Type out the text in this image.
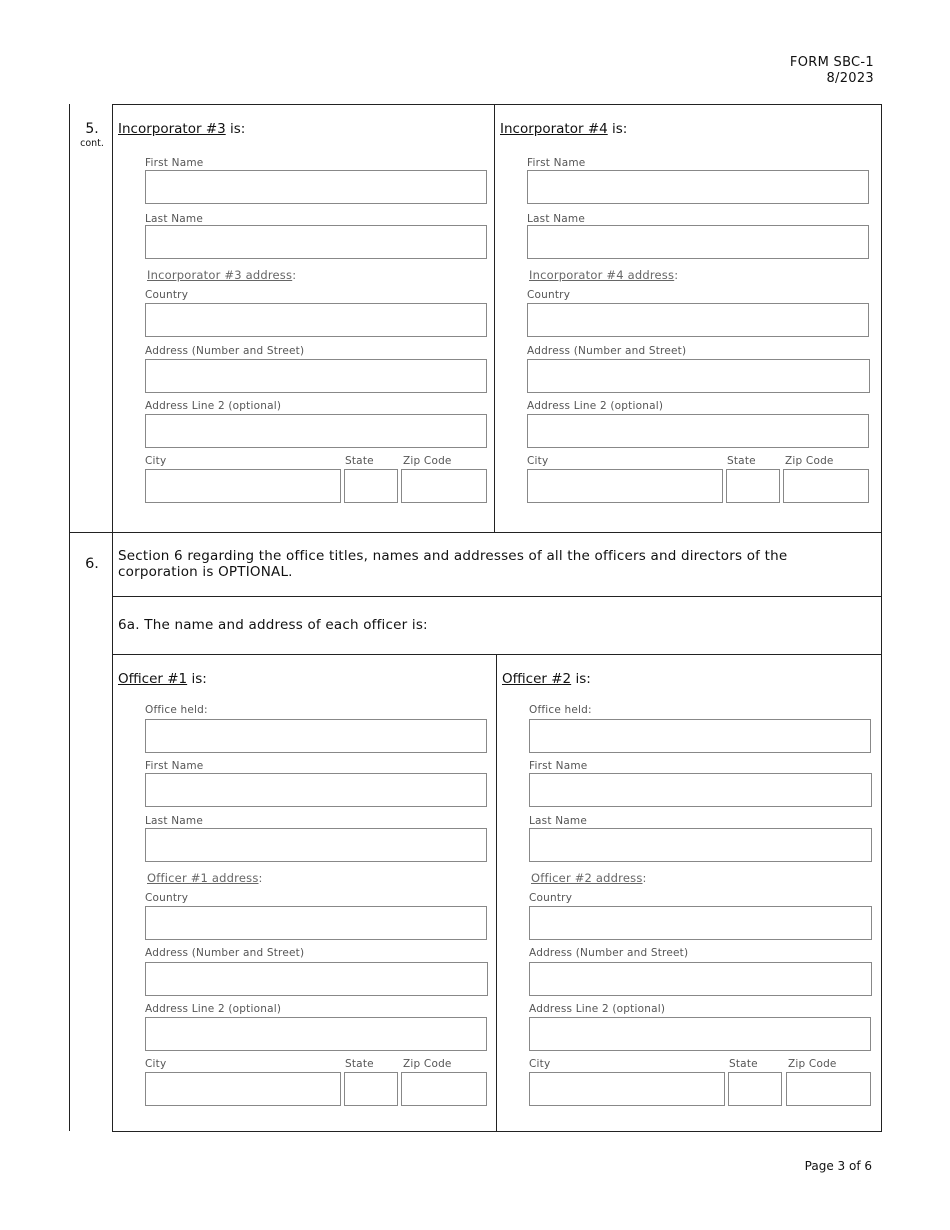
FORM SBC-1
8/2023
5.
cont.
Incorporator #3 is:
First Name
Last Name
Incorporator #3 address:
Country
Address (Number and Street)
Address Line 2 (optional)
City	State	Zip Code
Incorporator #4 is:
First Name
Last Name
Incorporator #4 address:
Country
Address (Number and Street)
Address Line 2 (optional)
City	State	Zip Code
6.	Section 6 regarding the office titles, names and addresses of all the officers and directors of the corporation is OPTIONAL.
6a. The name and address of each officer is:
Officer #1 is:
Office held:
First Name
Last Name
Officer #1 address:
Country
Address (Number and Street)
Address Line 2 (optional)
City	State	Zip Code
Officer #2 is:
Office held:
First Name
Last Name
Officer #2 address:
Country
Address (Number and Street)
Address Line 2 (optional)
City	State	Zip Code
Page 3 of 6
